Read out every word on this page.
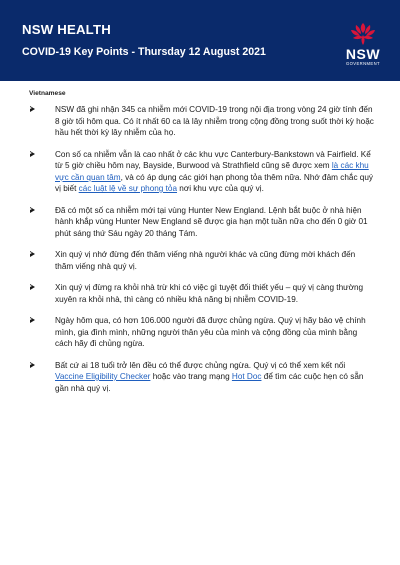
NSW HEALTH
COVID-19 Key Points - Thursday 12 August 2021	NSW
GOVERNMENT
Vietnamese
NSW đã ghi nhận 345 ca nhiễm mới COVID-19 trong nội địa trong vòng 24 giờ tính đến 8 giờ tối hôm qua. Có ít nhất 60 ca là lây nhiễm trong cộng đồng trong suốt thời kỳ hoặc hầu hết thời kỳ lây nhiễm của họ.
Con số ca nhiễm vẫn là cao nhất ở các khu vực Canterbury-Bankstown và Fairfield. Kể từ 5 giờ chiều hôm nay, Bayside, Burwood và Strathfield cũng sẽ được xem là các khu vực cần quan tâm, và có áp dụng các giới hạn phong tỏa thêm nữa. Nhớ đảm chắc quý vị biết các luật lệ về sự phong tỏa nơi khu vực của quý vị.
Đã có một số ca nhiễm mới tại vùng Hunter New England. Lệnh bắt buộc ở nhà hiện hành khắp vùng Hunter New England sẽ được gia hạn một tuần nữa cho đến 0 giờ 01 phút sáng thứ Sáu ngày 20 tháng Tám.
Xin quý vị nhớ đừng đến thăm viếng nhà người khác và cũng đừng mời khách đến thăm viếng nhà quý vị.
Xin quý vị đừng ra khỏi nhà trừ khi có việc gì tuyệt đối thiết yếu – quý vị càng thường xuyên ra khỏi nhà, thì càng có nhiều khả năng bị nhiễm COVID-19.
Ngày hôm qua, có hơn 106.000 người đã được chủng ngừa. Quý vị hãy bảo vệ chính mình, gia đình mình, những người thân yêu của mình và cộng đồng của mình bằng cách hãy đi chủng ngừa.
Bất cứ ai 18 tuổi trở lên đều có thể được chủng ngừa. Quý vị có thể xem kết nối Vaccine Eligibility Checker hoặc vào trang mạng Hot Doc để tìm các cuộc hẹn có sẵn gần nhà quý vị.
